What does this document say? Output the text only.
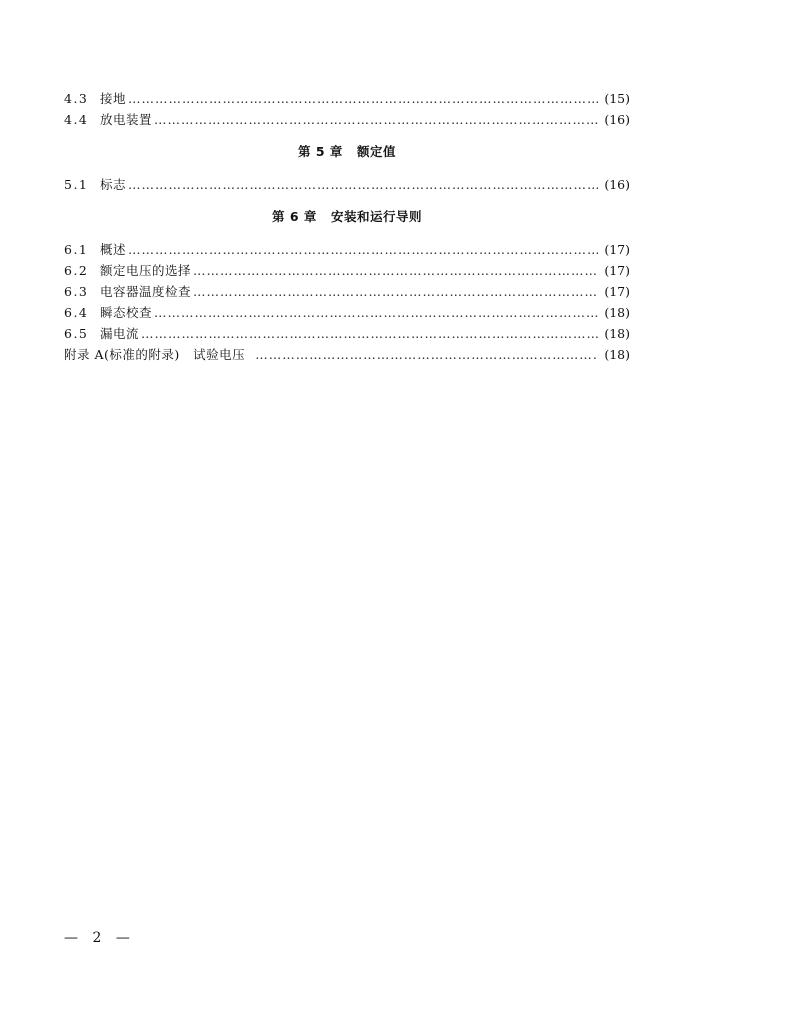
4.3 接地 …………………………………………………………………………………………………………………………………………………………………………………………	(15)
4.4 放电装置 …………………………………………………………………………………………………………………………………………………………………………………………	(16)
第 5 章 额定值
5.1 标志 …………………………………………………………………………………………………………………………………………………………………………………………	(16)
第 6 章 安装和运行导则
6.1 概述 …………………………………………………………………………………………………………………………………………………………………………………………	(17)
6.2 额定电压的选择 …………………………………………………………………………………………………………………………………………………………………………………………	(17)
6.3 电容器温度检查 …………………………………………………………………………………………………………………………………………………………………………………………	(17)
6.4 瞬态校查 …………………………………………………………………………………………………………………………………………………………………………………………	(18)
6.5 漏电流 …………………………………………………………………………………………………………………………………………………………………………………………	(18)
附录 A(标准的附录)   试验电压 …………………………………………………………………………………………………………………………………………………………………………………………	(18)
— 2 —
